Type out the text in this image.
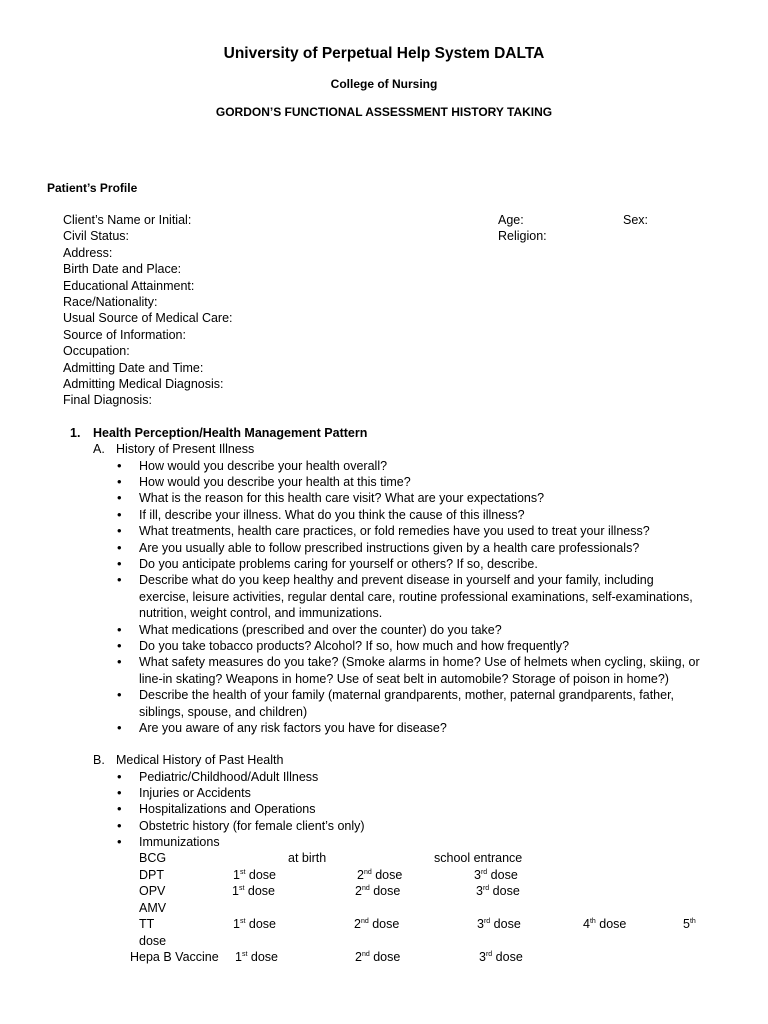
University of Perpetual Help System DALTA
College of Nursing
GORDON’S FUNCTIONAL ASSESSMENT HISTORY TAKING
Patient’s Profile
Client’s Name or Initial:
Civil Status:
Address:
Birth Date and Place:
Educational Attainment:
Race/Nationality:
Usual Source of Medical Care:
Source of Information:
Occupation:
Admitting Date and Time:
Admitting Medical Diagnosis:
Final Diagnosis:
Age:	Sex:
Religion:
1. Health Perception/Health Management Pattern
A. History of Present Illness
• How would you describe your health overall?
• How would you describe your health at this time?
• What is the reason for this health care visit? What are your expectations?
• If ill, describe your illness. What do you think the cause of this illness?
• What treatments, health care practices, or fold remedies have you used to treat your illness?
• Are you usually able to follow prescribed instructions given by a health care professionals?
• Do you anticipate problems caring for yourself or others? If so, describe.
• Describe what do you keep healthy and prevent disease in yourself and your family, including
exercise, leisure activities, regular dental care, routine professional examinations, self-examinations,
nutrition, weight control, and immunizations.
• What medications (prescribed and over the counter) do you take?
• Do you take tobacco products? Alcohol? If so, how much and how frequently?
• What safety measures do you take? (Smoke alarms in home? Use of helmets when cycling, skiing, or
line-in skating? Weapons in home? Use of seat belt in automobile? Storage of poison in home?)
• Describe the health of your family (maternal grandparents, mother, paternal grandparents, father,
siblings, spouse, and children)
• Are you aware of any risk factors you have for disease?
B. Medical History of Past Health
• Pediatric/Childhood/Adult Illness
• Injuries or Accidents
• Hospitalizations and Operations
• Obstetric history (for female client’s only)
• Immunizations
BCG	at birth	school entrance
DPT	1st dose	2nd dose	3rd dose
OPV	1st dose	2nd dose	3rd dose
AMV
TT	1st dose	2nd dose	3rd dose	4th dose	5th
dose
Hepa B Vaccine 1st dose	2nd dose	3rd dose
